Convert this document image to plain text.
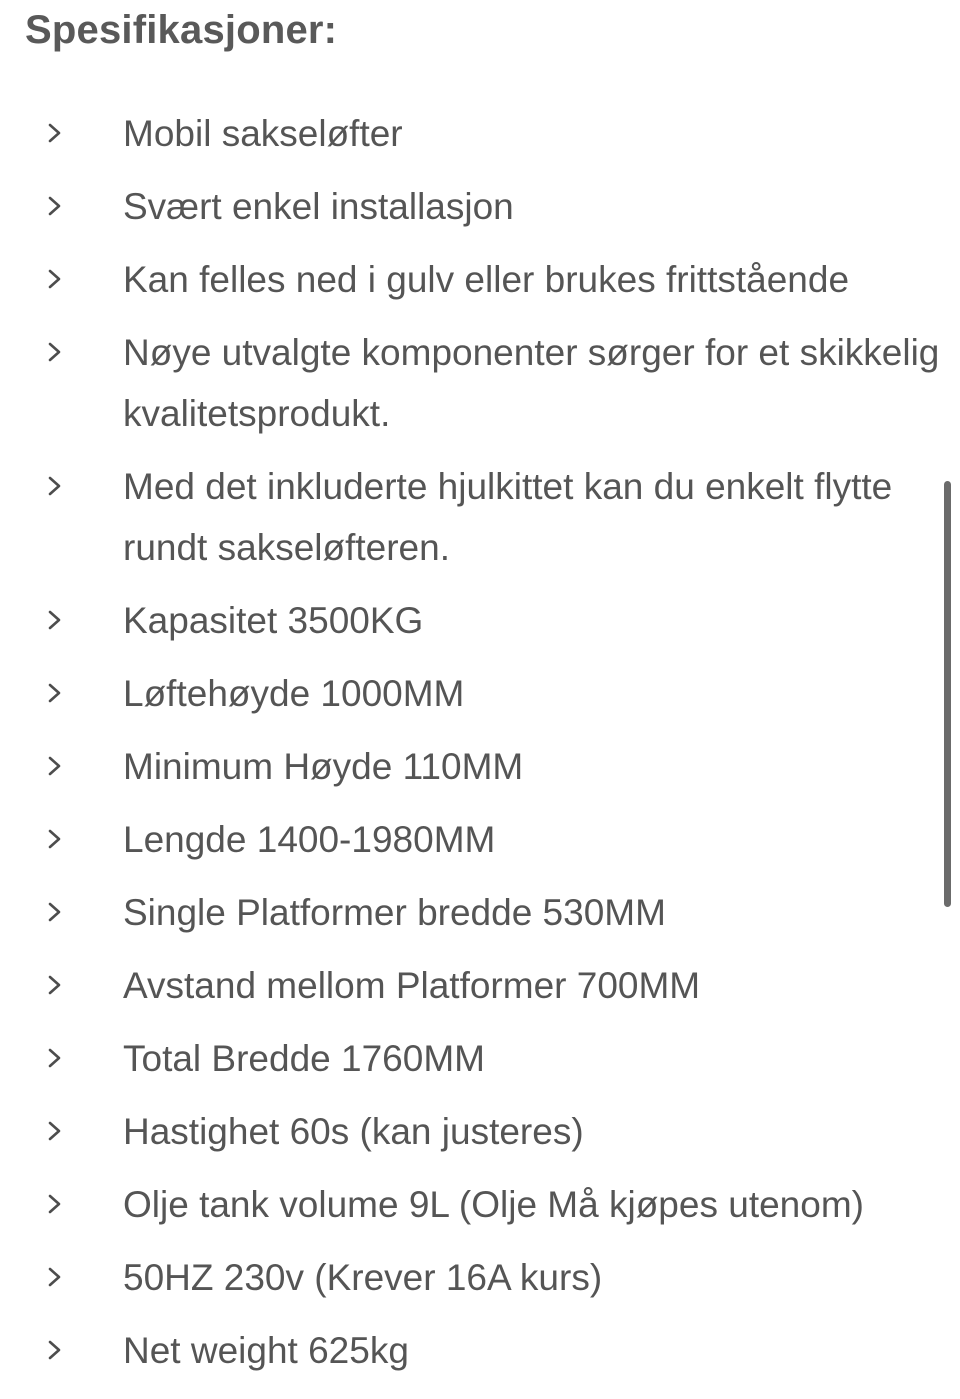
Spesifikasjoner:
Mobil sakseløfter
Svært enkel installasjon
Kan felles ned i gulv eller brukes frittstående
Nøye utvalgte komponenter sørger for et skikkelig kvalitetsprodukt.
Med det inkluderte hjulkittet kan du enkelt flytte rundt sakseløfteren.
Kapasitet 3500KG
Løftehøyde 1000MM
Minimum Høyde 110MM
Lengde 1400-1980MM
Single Platformer bredde 530MM
Avstand mellom Platformer 700MM
Total Bredde 1760MM
Hastighet 60s (kan justeres)
Olje tank volume 9L (Olje Må kjøpes utenom)
50HZ 230v (Krever 16A kurs)
Net weight 625kg
